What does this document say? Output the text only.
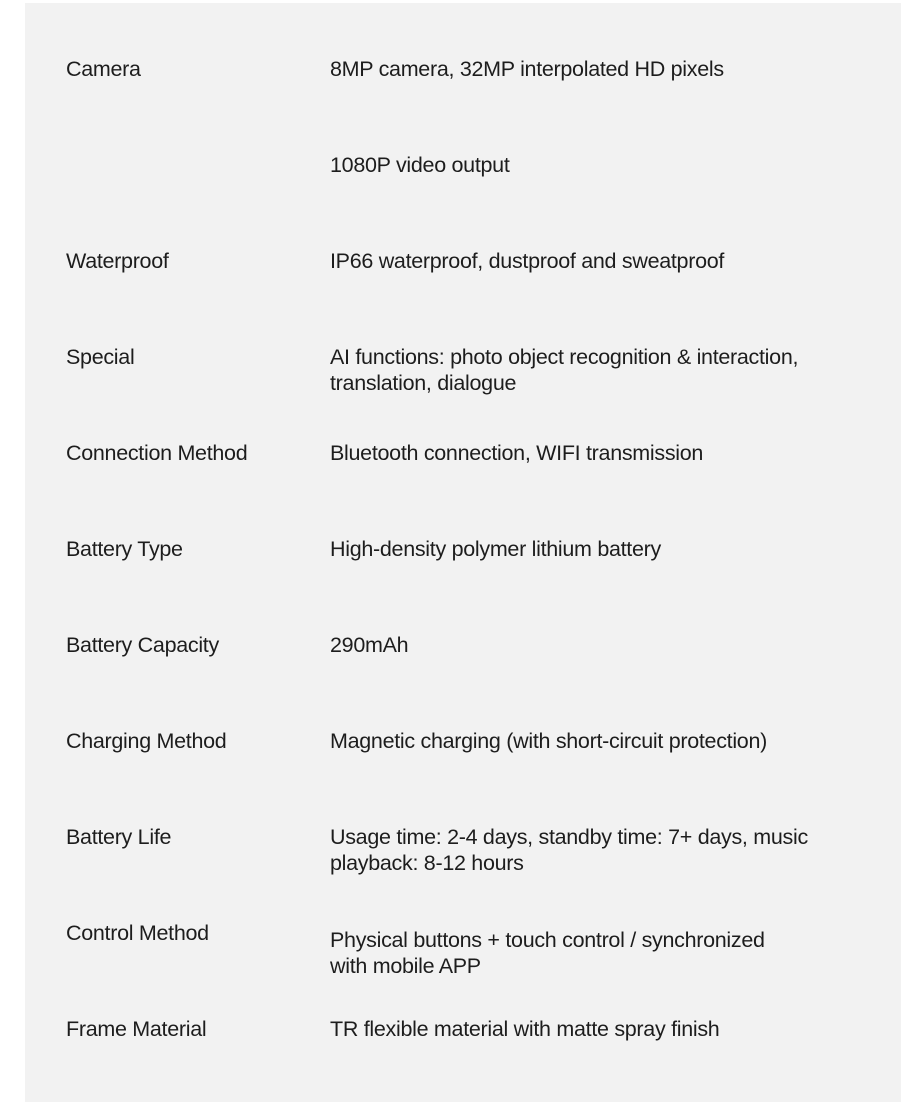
Camera	8MP camera, 32MP interpolated HD pixels

1080P video output

Waterproof	IP66 waterproof, dustproof and sweatproof

Special	AI functions: photo object recognition & interaction,

translation, dialogue

Connection Method	Bluetooth connection, WIFI transmission

Battery Type	High-density polymer lithium battery

Battery Capacity	290mAh

Charging Method	Magnetic charging (with short-circuit protection)

Battery Life	Usage time: 2-4 days, standby time: 7+ days, music

playback: 8-12 hours

Control Method	Physical buttons + touch control / synchronized

with mobile APP

Frame Material	TR flexible material with matte spray finish
